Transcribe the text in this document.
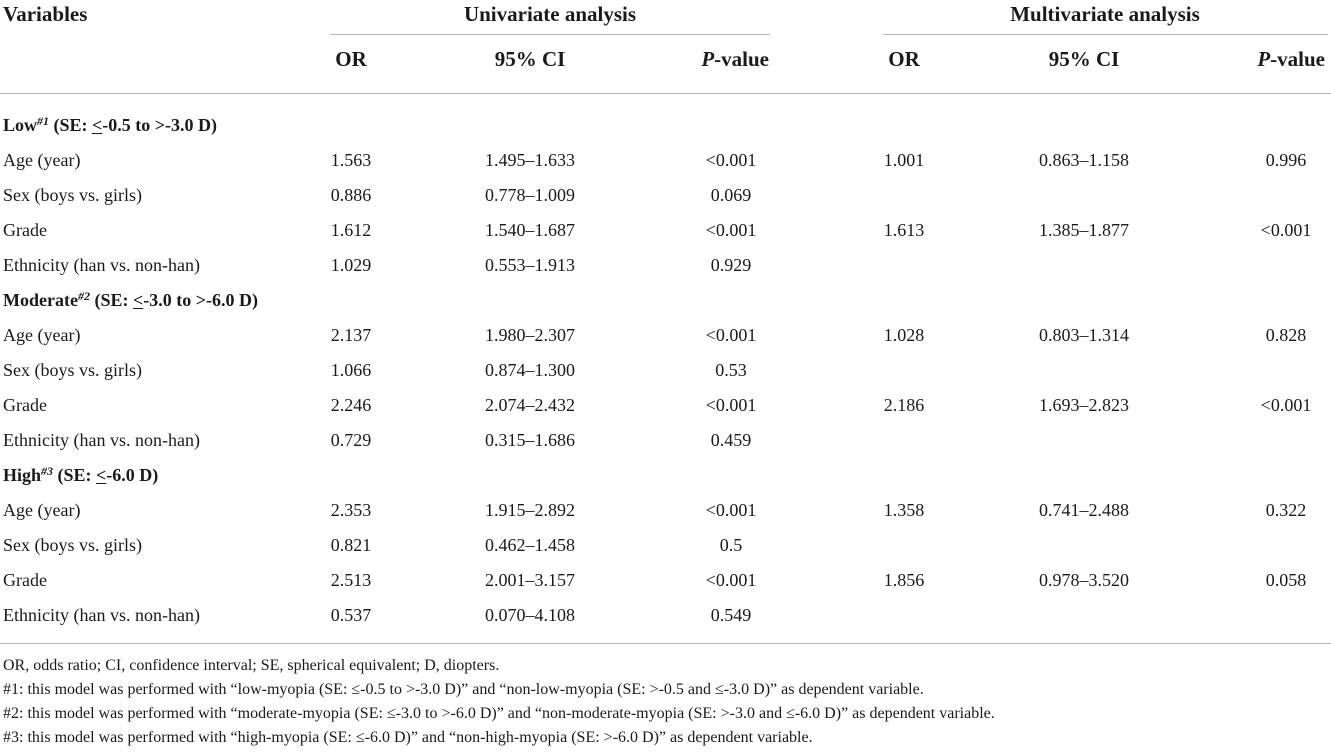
Variables	Univariate analysis	Multivariate analysis
OR	95% CI	P-value	OR	95% CI	P-value
Low$^{\#1}$ (SE: <-0.5 to >-3.0 D)
Age (year)	1.563	1.495–1.633	<0.001	1.001	0.863–1.158	0.996
Sex (boys vs. girls)	0.886	0.778–1.009	0.069
Grade	1.612	1.540–1.687	<0.001	1.613	1.385–1.877	<0.001
Ethnicity (han vs. non-han)	1.029	0.553–1.913	0.929
Moderate$^{\#2}$ (SE: <-3.0 to >-6.0 D)
Age (year)	2.137	1.980–2.307	<0.001	1.028	0.803–1.314	0.828
Sex (boys vs. girls)	1.066	0.874–1.300	0.53
Grade	2.246	2.074–2.432	<0.001	2.186	1.693–2.823	<0.001
Ethnicity (han vs. non-han)	0.729	0.315–1.686	0.459
High$^{\#3}$ (SE: <-6.0 D)
Age (year)	2.353	1.915–2.892	<0.001	1.358	0.741–2.488	0.322
Sex (boys vs. girls)	0.821	0.462–1.458	0.5
Grade	2.513	2.001–3.157	<0.001	1.856	0.978–3.520	0.058
Ethnicity (han vs. non-han)	0.537	0.070–4.108	0.549
OR, odds ratio; CI, confidence interval; SE, spherical equivalent; D, diopters.
#1: this model was performed with “low-myopia (SE: ≤-0.5 to >-3.0 D)” and “non-low-myopia (SE: >-0.5 and ≤-3.0 D)” as dependent variable.
#2: this model was performed with “moderate-myopia (SE: ≤-3.0 to >-6.0 D)” and “non-moderate-myopia (SE: >-3.0 and ≤-6.0 D)” as dependent variable.
#3: this model was performed with “high-myopia (SE: ≤-6.0 D)” and “non-high-myopia (SE: >-6.0 D)” as dependent variable.
